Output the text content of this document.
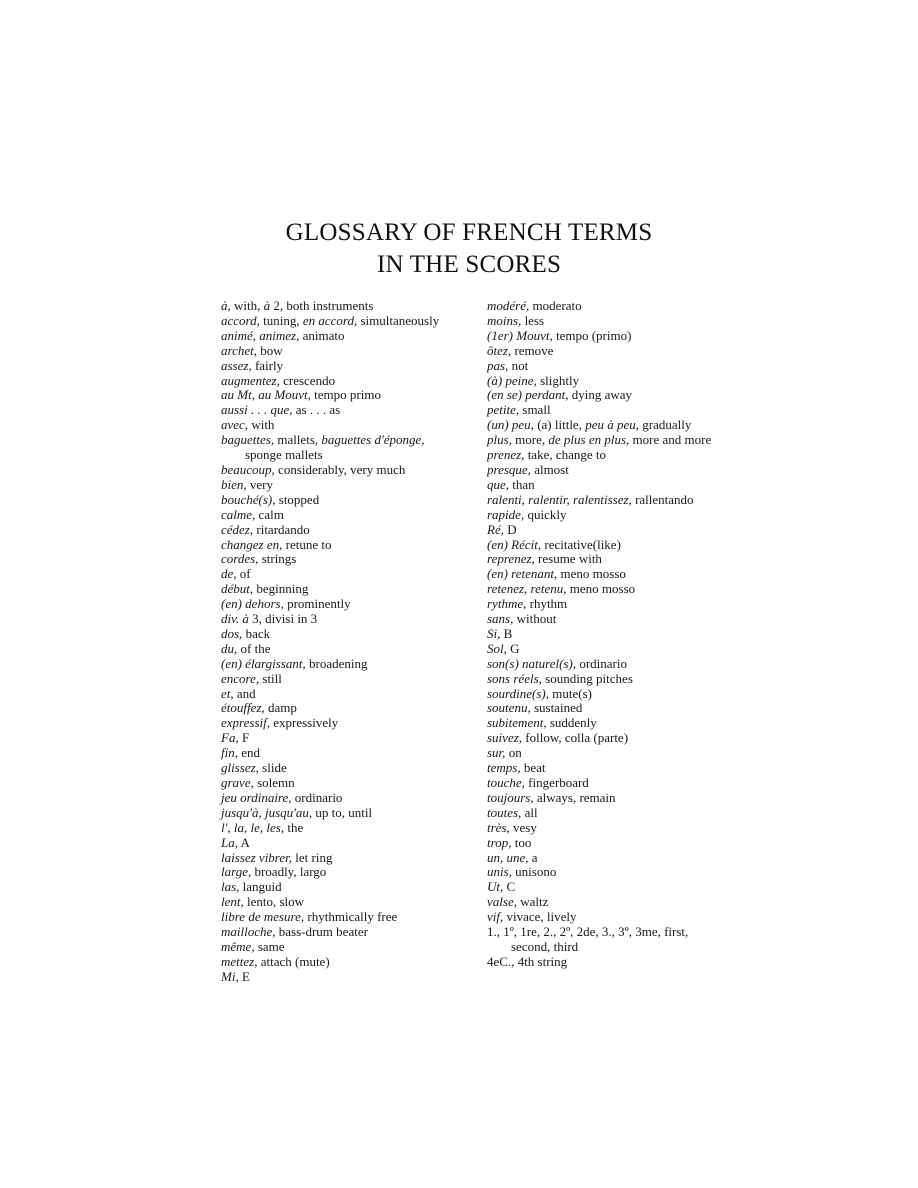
GLOSSARY OF FRENCH TERMS
IN THE SCORES
à, with, à 2, both instruments
accord, tuning, en accord, simultaneously
animé, animez, animato
archet, bow
assez, fairly
augmentez, crescendo
au Mt, au Mouvt, tempo primo
aussi . . . que, as . . . as
avec, with
baguettes, mallets, baguettes d'éponge,
sponge mallets
beaucoup, considerably, very much
bien, very
bouché(s), stopped
calme, calm
cédez, ritardando
changez en, retune to
cordes, strings
de, of
début, beginning
(en) dehors, prominently
div. à 3, divisi in 3
dos, back
du, of the
(en) élargissant, broadening
encore, still
et, and
étouffez, damp
expressif, expressively
Fa, F
fin, end
glissez, slide
grave, solemn
jeu ordinaire, ordinario
jusqu'à, jusqu'au, up to, until
l', la, le, les, the
La, A
laissez vibrer, let ring
large, broadly, largo
las, languid
lent, lento, slow
libre de mesure, rhythmically free
mailloche, bass-drum beater
même, same
mettez, attach (mute)
Mi, E
modéré, moderato
moins, less
(1er) Mouvt, tempo (primo)
ôtez, remove
pas, not
(à) peine, slightly
(en se) perdant, dying away
petite, small
(un) peu, (a) little, peu à peu, gradually
plus, more, de plus en plus, more and more
prenez, take, change to
presque, almost
que, than
ralenti, ralentir, ralentissez, rallentando
rapide, quickly
Ré, D
(en) Récit, recitative(like)
reprenez, resume with
(en) retenant, meno mosso
retenez, retenu, meno mosso
rythme, rhythm
sans, without
Si, B
Sol, G
son(s) naturel(s), ordinario
sons réels, sounding pitches
sourdine(s), mute(s)
soutenu, sustained
subitement, suddenly
suivez, follow, colla (parte)
sur, on
temps, beat
touche, fingerboard
toujours, always, remain
toutes, all
très, vesy
trop, too
un, une, a
unis, unisono
Ut, C
valse, waltz
vif, vivace, lively
1., 1º, 1re, 2., 2º, 2de, 3., 3º, 3me, first,
second, third
4eC., 4th string
